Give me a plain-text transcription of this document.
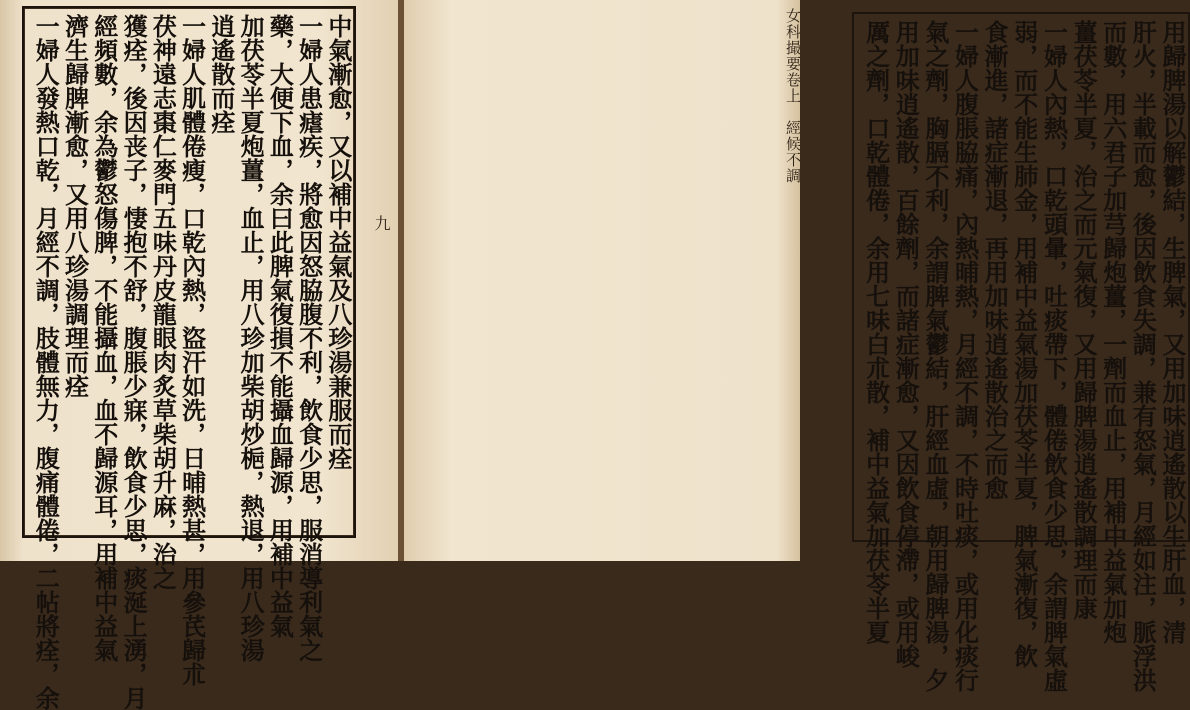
中氣漸愈，又以補中益氣及八珍湯兼服而痊
一婦人患瘧疾，將愈因怒脇腹不利，飲食少思，服消導利氣之
藥，大便下血，余曰此脾氣復損不能攝血歸源，用補中益氣
加茯苓半夏炮薑，血止，用八珍加柴胡炒梔，熱退，用八珍湯
逍遙散而痊
一婦人肌體倦瘦，口乾內熱，盜汗如洗，日晡熱甚，用參芪歸朮
茯神遠志棗仁麥門五味丹皮龍眼肉炙草柴胡升麻，治之
獲痊，後因丧子，悽抱不舒，腹脹少寐，飲食少思，痰涎上湧，月
經頻數，余為鬱怒傷脾，不能攝血，血不歸源耳，用補中益氣
濟生歸脾漸愈，又用八珍湯調理而痊
一婦人發熱口乾，月經不調，肢體無力，腹痛體倦，二帖將痊，余	九	用歸脾湯以解鬱結，生脾氣，又用加味逍遙散以生肝血，清
肝火，半載而愈，後因飲食失調，兼有怒氣，月經如注，脈浮洪
而數，用六君子加芎歸炮薑，一劑而血止，用補中益氣加炮
薑茯苓半夏，治之而元氣復，又用歸脾湯逍遙散調理而康
一婦人內熱，口乾頭暈，吐痰帶下，體倦飲食少思，余謂脾氣虛
弱，而不能生肺金，用補中益氣湯加茯苓半夏，脾氣漸復，飲
食漸進，諸症漸退，再用加味逍遙散治之而愈
一婦人腹脹脇痛，內熱晡熱，月經不調，不時吐痰，或用化痰行
氣之劑，胸膈不利，余謂脾氣鬱結，肝經血虛，朝用歸脾湯，夕
用加味逍遙散，百餘劑，而諸症漸愈，又因飲食停滯，或用峻
厲之劑，口乾體倦，余用七味白朮散，補中益氣加茯苓半夏
女科撮要卷上　經候不調
